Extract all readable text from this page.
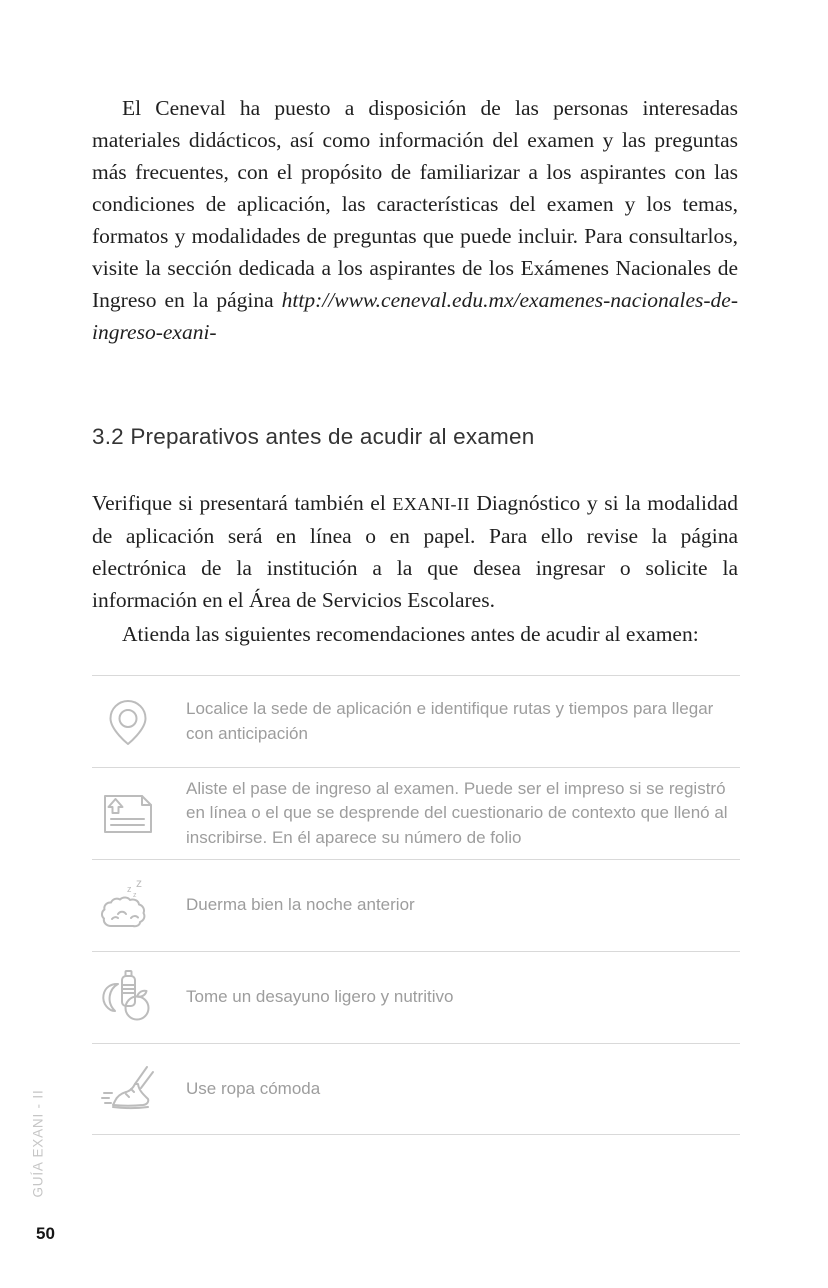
El Ceneval ha puesto a disposición de las personas interesadas materiales didácticos, así como información del examen y las preguntas más frecuentes, con el propósito de familiarizar a los aspirantes con las condiciones de aplicación, las características del examen y los temas, formatos y modalidades de preguntas que puede incluir. Para consultarlos, visite la sección dedicada a los aspirantes de los Exámenes Nacionales de Ingreso en la página http://www.ceneval.edu.mx/examenes-nacionales-de-ingreso-exani-

3.2 Preparativos antes de acudir al examen

Verifique si presentará también el EXANI-II Diagnóstico y si la modalidad de aplicación será en línea o en papel. Para ello revise la página electrónica de la institución a la que desea ingresar o solicite la información en el Área de Servicios Escolares.

Atienda las siguientes recomendaciones antes de acudir al examen:

Localice la sede de aplicación e identifique rutas y tiempos para llegar con anticipación
Aliste el pase de ingreso al examen. Puede ser el impreso si se registró en línea o el que se desprende del cuestionario de contexto que llenó al inscribirse. En él aparece su número de folio
z z
z
Duerma bien la noche anterior
Tome un desayuno ligero y nutritivo
Use ropa cómoda
GUÍA EXANI - II
50
